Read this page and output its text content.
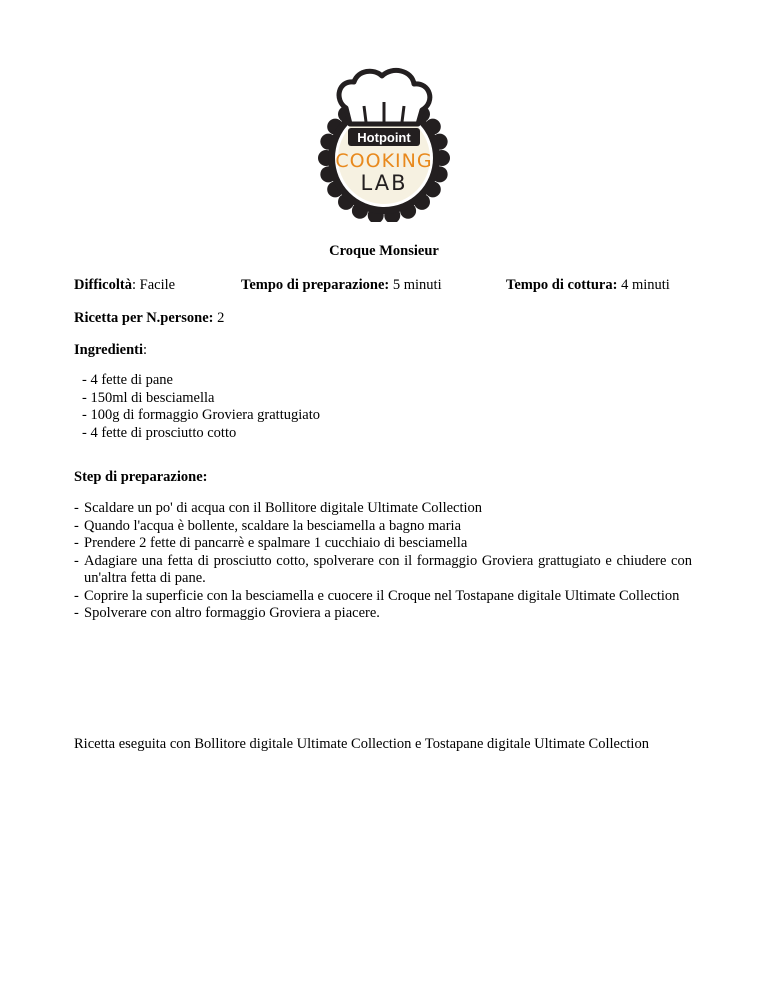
Hotpoint
COOKING
LAB
Croque Monsieur
Difficoltà: Facile	Tempo di preparazione: 5 minuti	Tempo di cottura: 4 minuti
Ricetta per N.persone: 2
Ingredienti:
- 4 fette di pane
- 150ml di besciamella
- 100g di formaggio Groviera grattugiato
- 4 fette di prosciutto cotto
Step di preparazione:
- Scaldare un po' di acqua con il Bollitore digitale Ultimate Collection
- Quando l'acqua è bollente, scaldare la besciamella a bagno maria
- Prendere 2 fette di pancarrè e spalmare 1 cucchiaio di besciamella
- Adagiare una fetta di prosciutto cotto, spolverare con il formaggio Groviera grattugiato e chiudere con un'altra fetta di pane.
- Coprire la superficie con la besciamella e cuocere il Croque nel Tostapane digitale Ultimate Collection
- Spolverare con altro formaggio Groviera a piacere.
Ricetta eseguita con Bollitore digitale Ultimate Collection e Tostapane digitale Ultimate Collection
